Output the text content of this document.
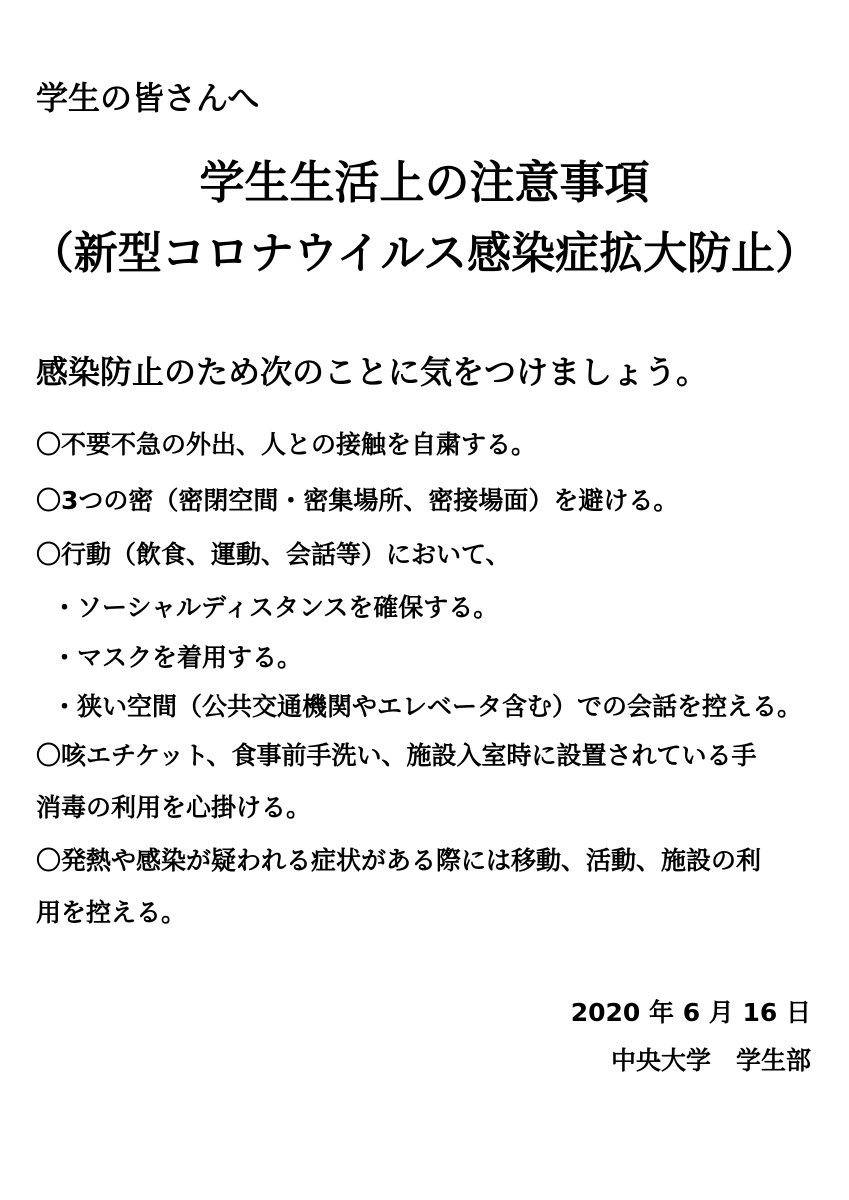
学生の皆さんへ
学生生活上の注意事項
（新型コロナウイルス感染症拡大防止）
感染防止のため次のことに気をつけましょう。
〇不要不急の外出、人との接触を自粛する。
〇3つの密（密閉空間・密集場所、密接場面）を避ける。
〇行動（飲食、運動、会話等）において、
・ソーシャルディスタンスを確保する。
・マスクを着用する。
・狭い空間（公共交通機関やエレベータ含む）での会話を控える。
〇咳エチケット、食事前手洗い、施設入室時に設置されている手
消毒の利用を心掛ける。
〇発熱や感染が疑われる症状がある際には移動、活動、施設の利
用を控える。
2020 年 6 月 16 日
中央大学　学生部
